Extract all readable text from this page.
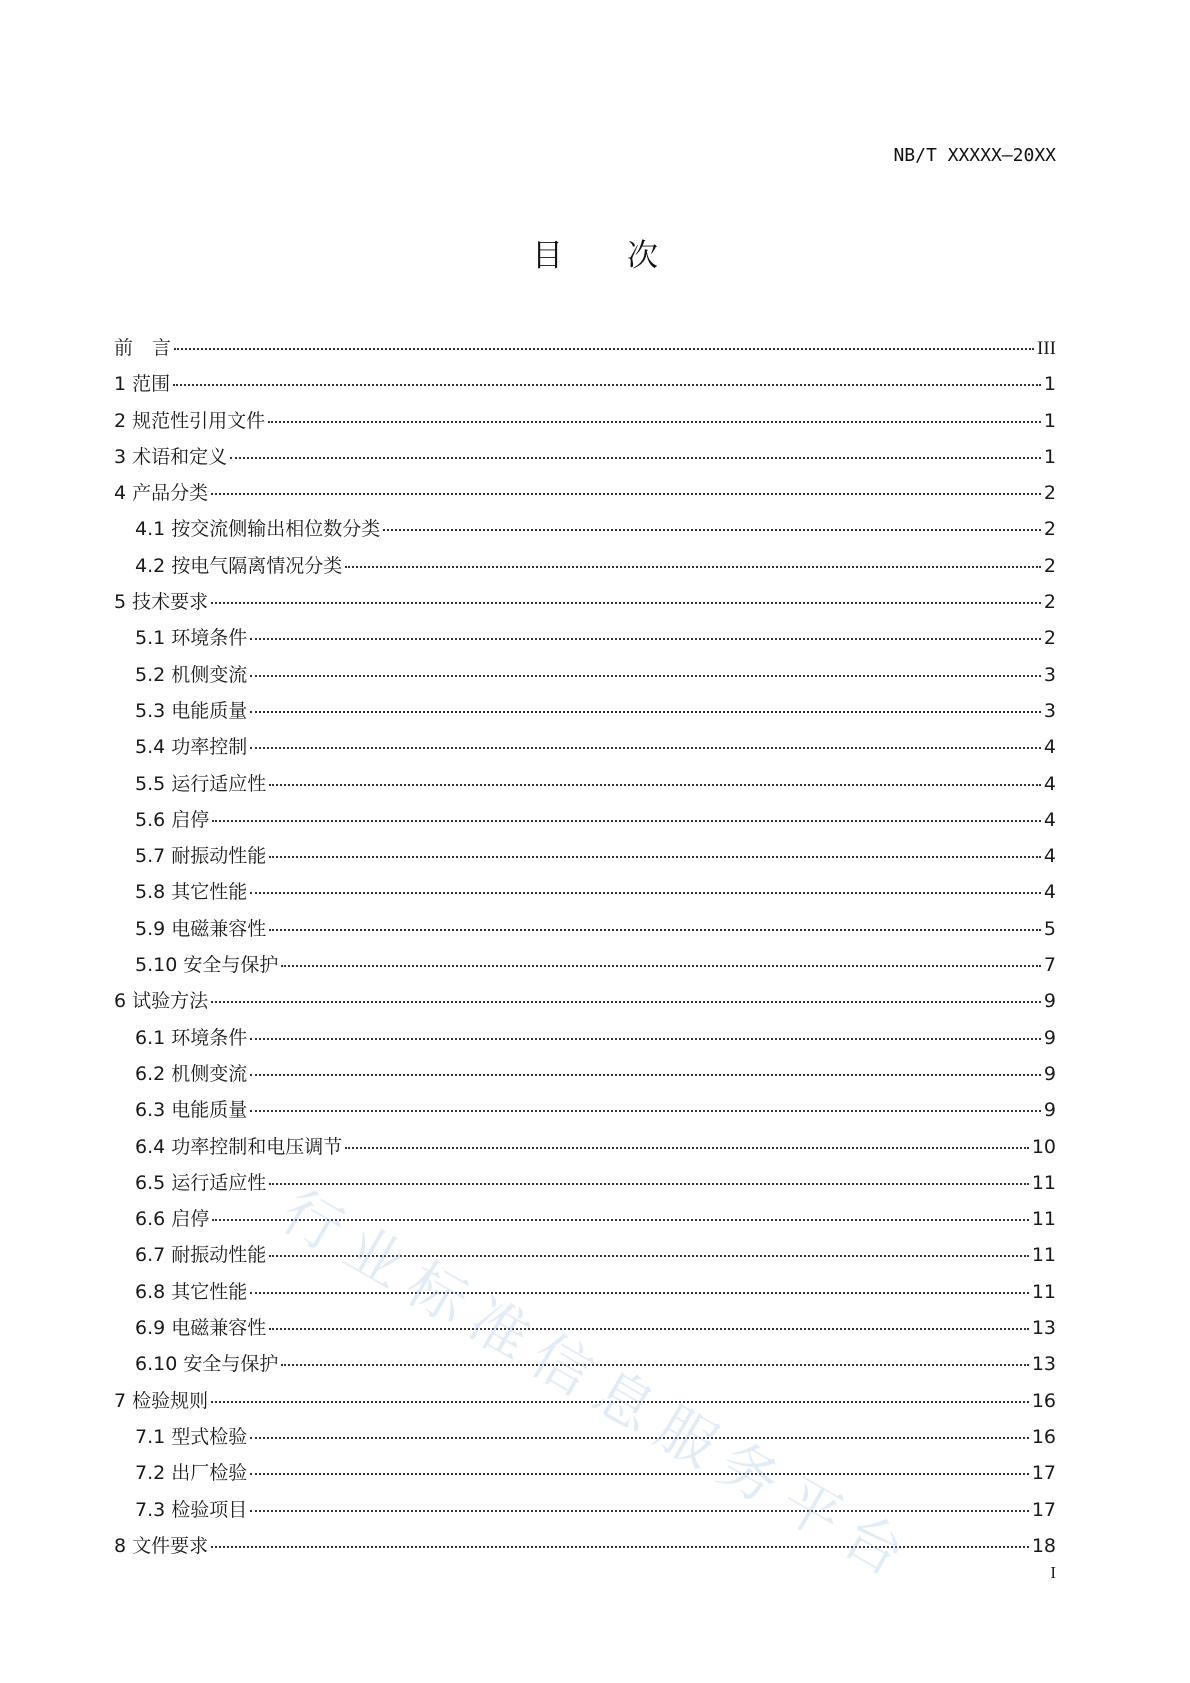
NB/T XXXXX—20XX
目 次
前　言	III
1 范围	1
2 规范性引用文件	1
3 术语和定义	1
4 产品分类	2
4.1 按交流侧输出相位数分类	2
4.2 按电气隔离情况分类	2
5 技术要求	2
5.1 环境条件	2
5.2 机侧变流	3
5.3 电能质量	3
5.4 功率控制	4
5.5 运行适应性	4
5.6 启停	4
5.7 耐振动性能	4
5.8 其它性能	4
5.9 电磁兼容性	5
5.10 安全与保护	7
6 试验方法	9
6.1 环境条件	9
6.2 机侧变流	9
6.3 电能质量	9
6.4 功率控制和电压调节	10
6.5 运行适应性	11
6.6 启停	11
6.7 耐振动性能	11
6.8 其它性能	11
6.9 电磁兼容性	13
6.10 安全与保护	13
7 检验规则	16
7.1 型式检验	16
7.2 出厂检验	17
7.3 检验项目	17
8 文件要求	18
I
行业标准信息服务平台
